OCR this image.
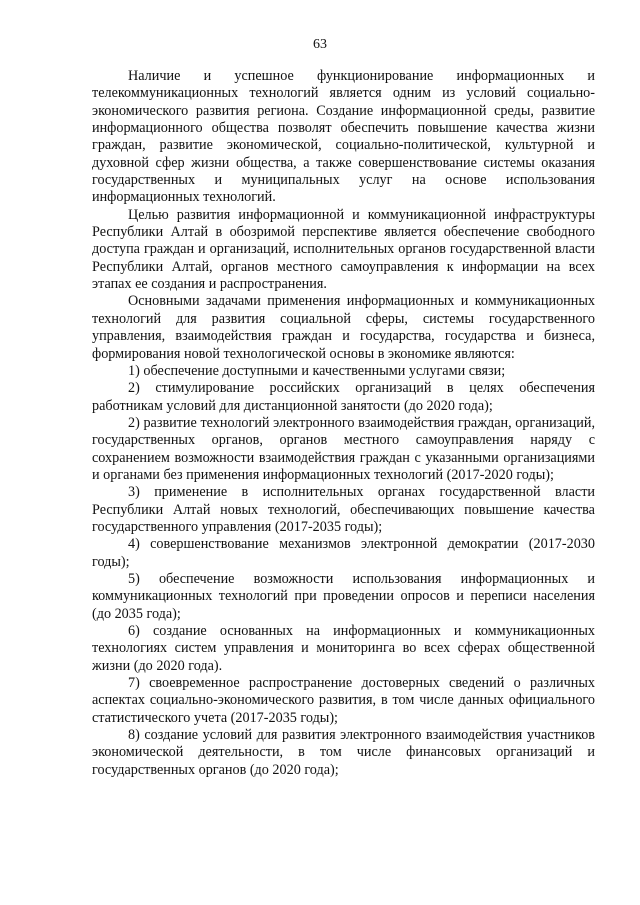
63

Наличие и успешное функционирование информационных и телекоммуникационных технологий является одним из условий социально-экономического развития региона. Создание информационной среды, развитие информационного общества позволят обеспечить повышение качества жизни граждан, развитие экономической, социально-политической, культурной и духовной сфер жизни общества, а также совершенствование системы оказания государственных и муниципальных услуг на основе использования информационных технологий.

Целью развития информационной и коммуникационной инфраструктуры Республики Алтай в обозримой перспективе является обеспечение свободного доступа граждан и организаций, исполнительных органов государственной власти Республики Алтай, органов местного самоуправления к информации на всех этапах ее создания и распространения.

Основными задачами применения информационных и коммуникационных технологий для развития социальной сферы, системы государственного управления, взаимодействия граждан и государства, государства и бизнеса, формирования новой технологической основы в экономике являются:

1) обеспечение доступными и качественными услугами связи;

2) стимулирование российских организаций в целях обеспечения работникам условий для дистанционной занятости (до 2020 года);

2) развитие технологий электронного взаимодействия граждан, организаций, государственных органов, органов местного самоуправления наряду с сохранением возможности взаимодействия граждан с указанными организациями и органами без применения информационных технологий (2017-2020 годы);

3) применение в исполнительных органах государственной власти Республики Алтай новых технологий, обеспечивающих повышение качества государственного управления (2017-2035 годы);

4) совершенствование механизмов электронной демократии (2017-2030 годы);

5) обеспечение возможности использования информационных и коммуникационных технологий при проведении опросов и переписи населения (до 2035 года);

6) создание основанных на информационных и коммуникационных технологиях систем управления и мониторинга во всех сферах общественной жизни (до 2020 года).

7) своевременное распространение достоверных сведений о различных аспектах социально-экономического развития, в том числе данных официального статистического учета (2017-2035 годы);

8) создание условий для развития электронного взаимодействия участников экономической деятельности, в том числе финансовых организаций и государственных органов (до 2020 года);
